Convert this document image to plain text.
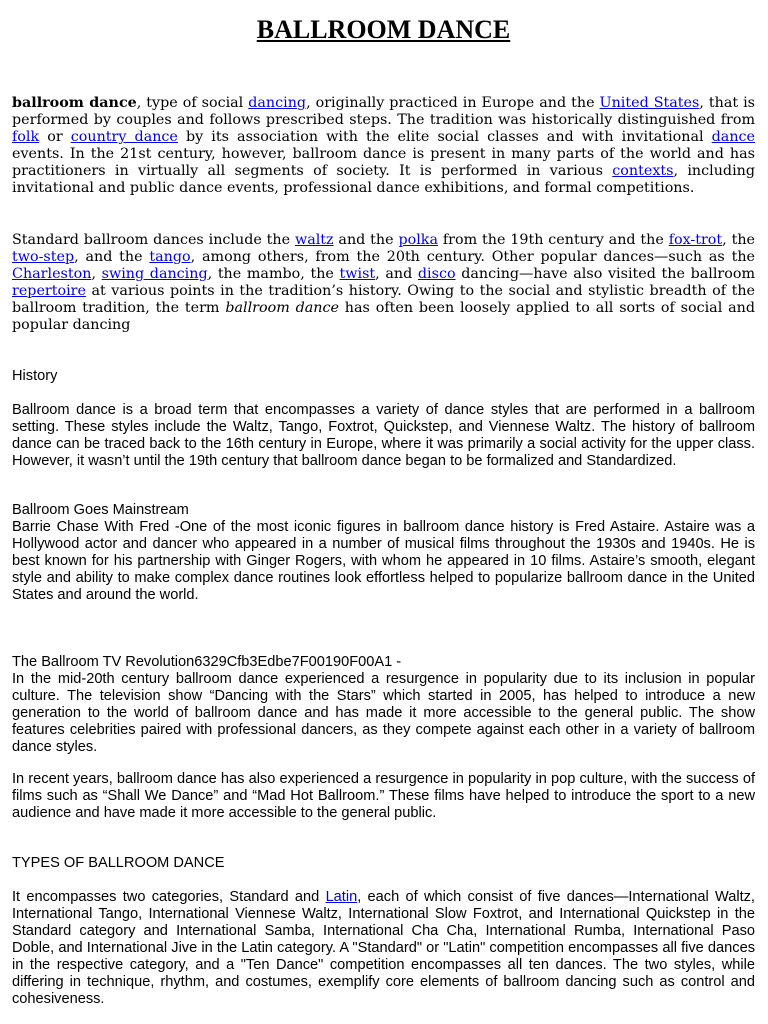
BALLROOM DANCE

ballroom dance, type of social dancing, originally practiced in Europe and the United States, that is performed by couples and follows prescribed steps. The tradition was historically distinguished from folk or country dance by its association with the elite social classes and with invitational dance events. In the 21st century, however, ballroom dance is present in many parts of the world and has practitioners in virtually all segments of society. It is performed in various contexts, including invitational and public dance events, professional dance exhibitions, and formal competitions.

Standard ballroom dances include the waltz and the polka from the 19th century and the fox-trot, the two-step, and the tango, among others, from the 20th century. Other popular dances—such as the Charleston, swing dancing, the mambo, the twist, and disco dancing—have also visited the ballroom repertoire at various points in the tradition’s history. Owing to the social and stylistic breadth of the ballroom tradition, the term ballroom dance has often been loosely applied to all sorts of social and popular dancing

History

Ballroom dance is a broad term that encompasses a variety of dance styles that are performed in a ballroom setting. These styles include the Waltz, Tango, Foxtrot, Quickstep, and Viennese Waltz. The history of ballroom dance can be traced back to the 16th century in Europe, where it was primarily a social activity for the upper class. However, it wasn’t until the 19th century that ballroom dance began to be formalized and Standardized.

Ballroom Goes Mainstream

Barrie Chase With Fred -One of the most iconic figures in ballroom dance history is Fred Astaire. Astaire was a Hollywood actor and dancer who appeared in a number of musical films throughout the 1930s and 1940s. He is best known for his partnership with Ginger Rogers, with whom he appeared in 10 films. Astaire’s smooth, elegant style and ability to make complex dance routines look effortless helped to popularize ballroom dance in the United States and around the world.

The Ballroom TV Revolution6329Cfb3Edbe7F00190F00A1 -

In the mid-20th century ballroom dance experienced a resurgence in popularity due to its inclusion in popular culture. The television show “Dancing with the Stars” which started in 2005, has helped to introduce a new generation to the world of ballroom dance and has made it more accessible to the general public. The show features celebrities paired with professional dancers, as they compete against each other in a variety of ballroom dance styles.

In recent years, ballroom dance has also experienced a resurgence in popularity in pop culture, with the success of films such as “Shall We Dance” and “Mad Hot Ballroom.” These films have helped to introduce the sport to a new audience and have made it more accessible to the general public.

TYPES OF BALLROOM DANCE

It encompasses two categories, Standard and Latin, each of which consist of five dances—International Waltz, International Tango, International Viennese Waltz, International Slow Foxtrot, and International Quickstep in the Standard category and International Samba, International Cha Cha, International Rumba, International Paso Doble, and International Jive in the Latin category. A "Standard" or "Latin" competition encompasses all five dances in the respective category, and a "Ten Dance" competition encompasses all ten dances. The two styles, while differing in technique, rhythm, and costumes, exemplify core elements of ballroom dancing such as control and cohesiveness.
